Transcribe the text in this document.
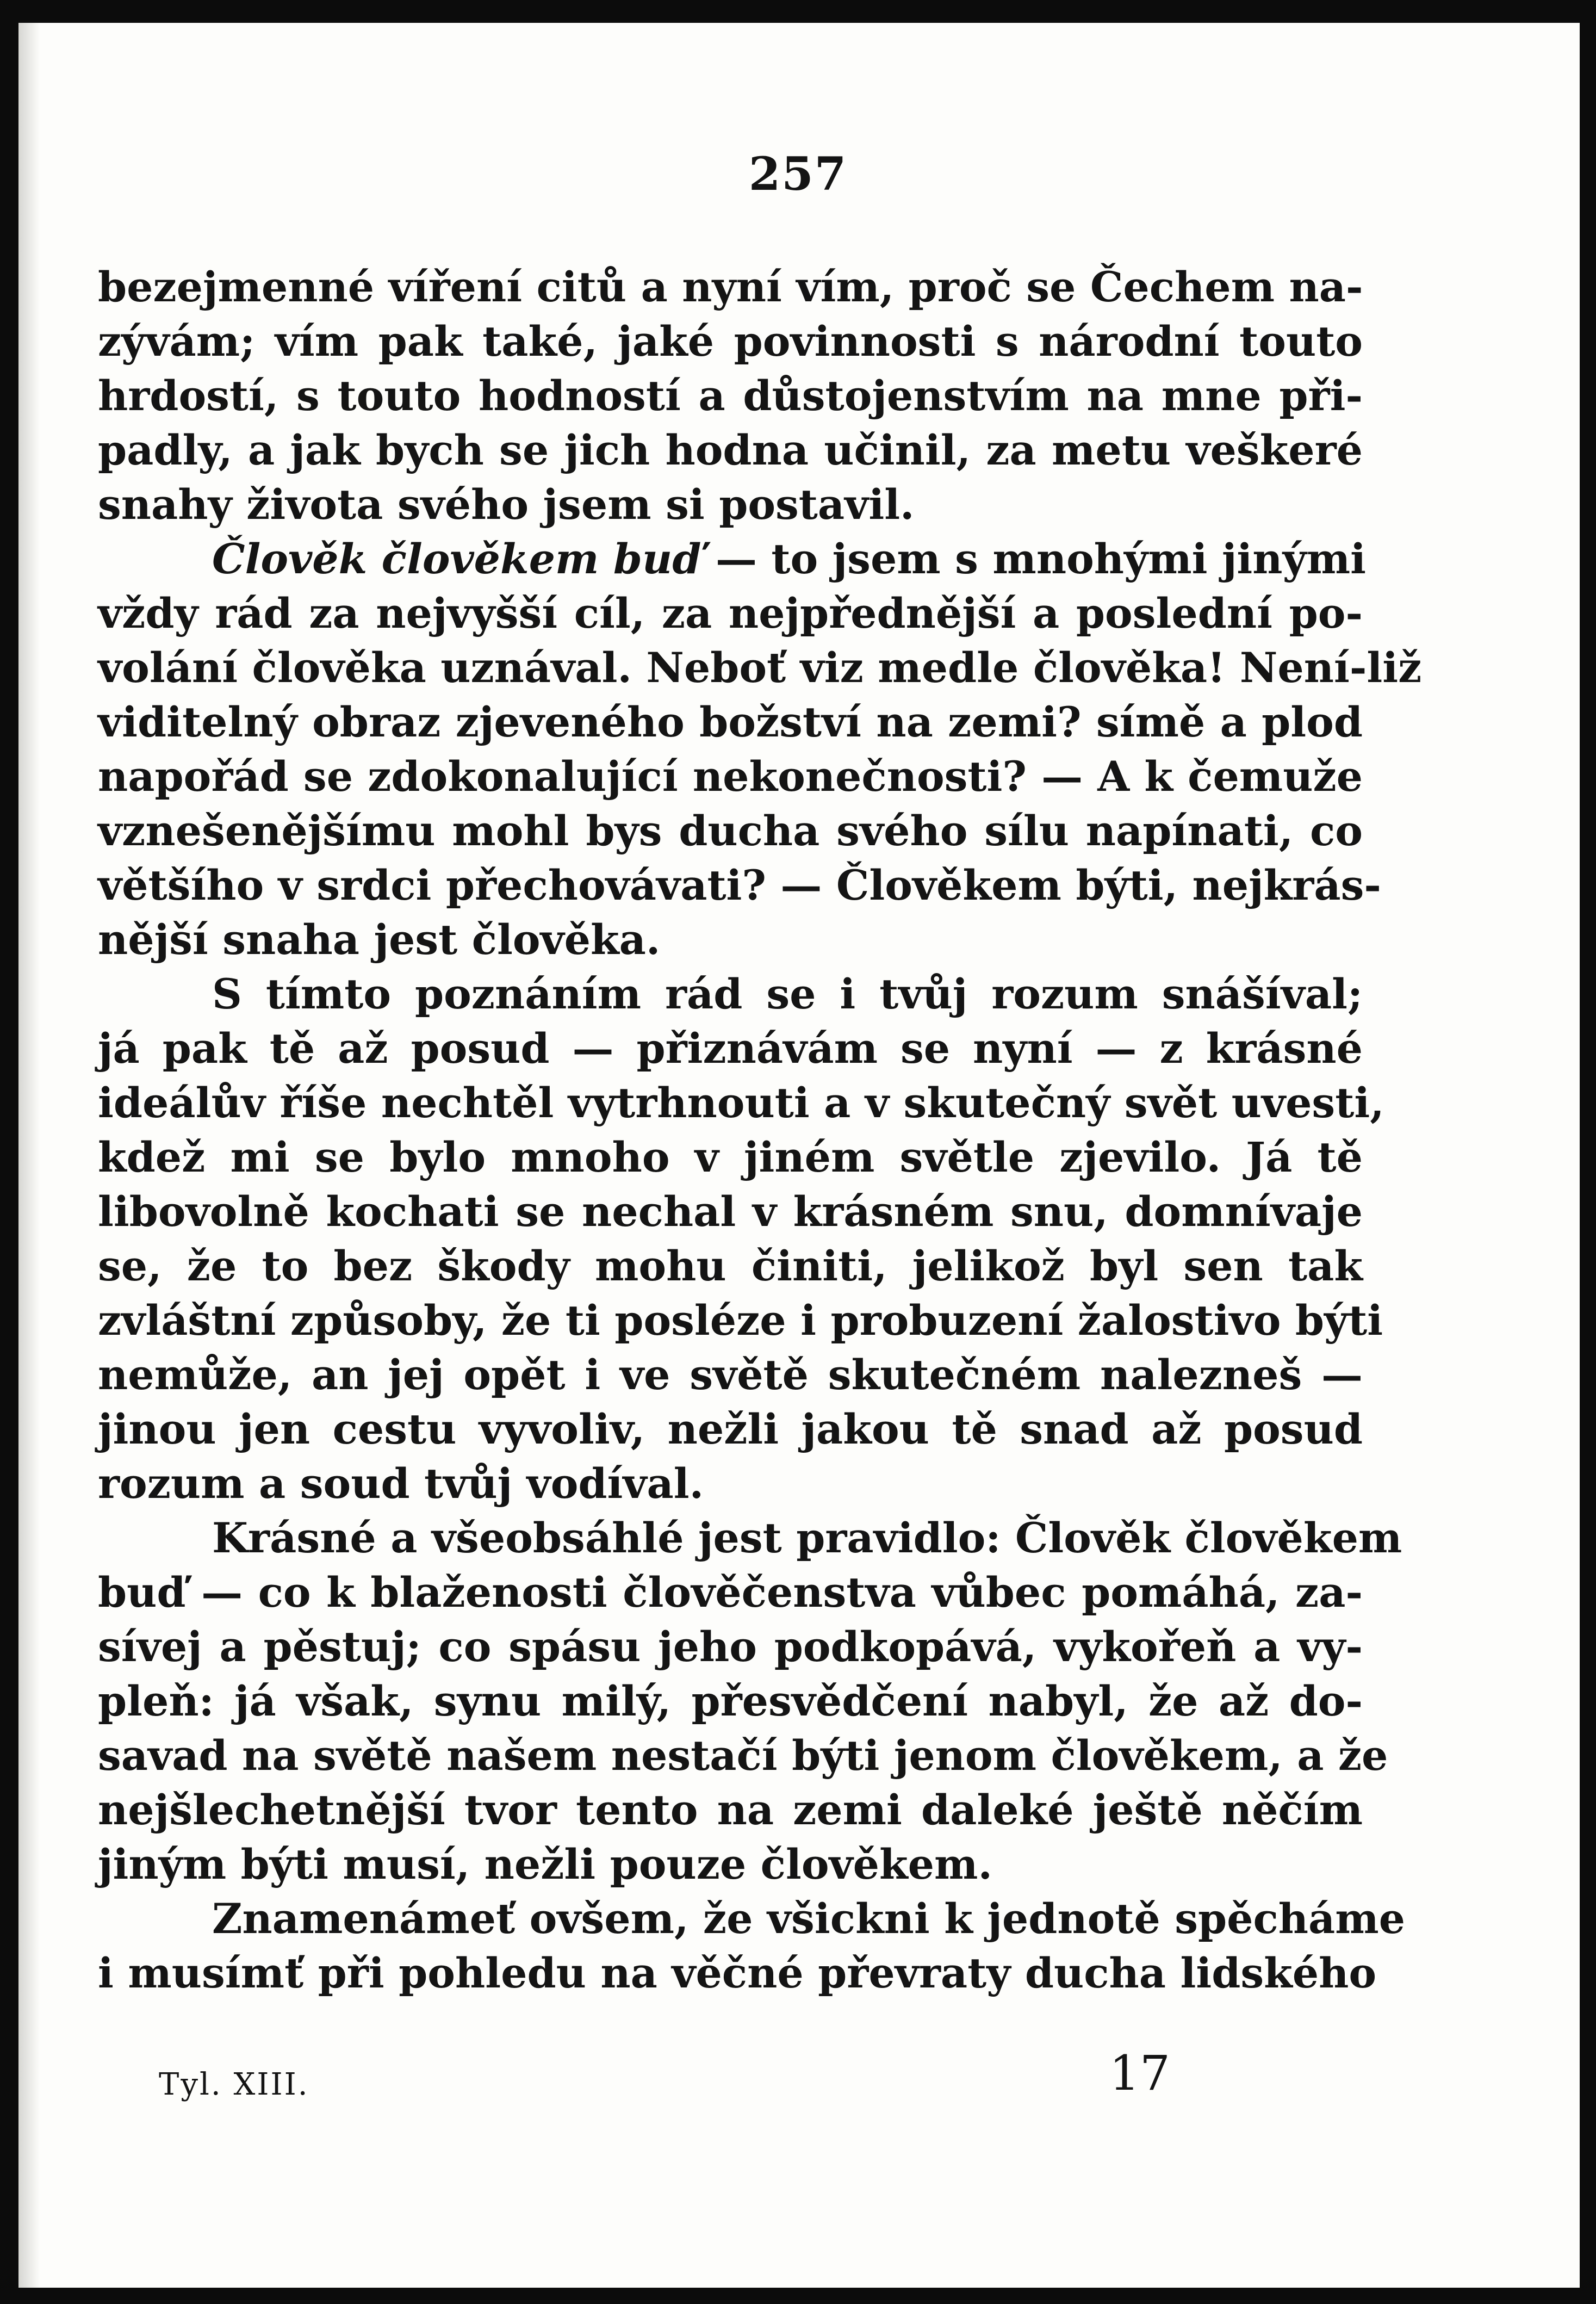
257
bezejmenné víření citů a nyní vím, proč se Čechem na-
zývám; vím pak také, jaké povinnosti s národní touto
hrdostí, s touto hodností a důstojenstvím na mne při-
padly, a jak bych se jich hodna učinil, za metu veškeré
snahy života svého jsem si postavil.
Člověk člověkem buď — to jsem s mnohými jinými
vždy rád za nejvyšší cíl, za nejpřednější a poslední po-
volání člověka uznával. Neboť viz medle člověka! Není-liž
viditelný obraz zjeveného božství na zemi? símě a plod
napořád se zdokonalující nekonečnosti? — A k čemuže
vznešenějšímu mohl bys ducha svého sílu napínati, co
většího v srdci přechovávati? — Člověkem býti, nejkrás-
nější snaha jest člověka.
S tímto poznáním rád se i tvůj rozum snášíval;
já pak tě až posud — přiznávám se nyní — z krásné
ideálův říše nechtěl vytrhnouti a v skutečný svět uvesti,
kdež mi se bylo mnoho v jiném světle zjevilo. Já tě
libovolně kochati se nechal v krásném snu, domnívaje
se, že to bez škody mohu činiti, jelikož byl sen tak
zvláštní způsoby, že ti posléze i probuzení žalostivo býti
nemůže, an jej opět i ve světě skutečném nalezneš —
jinou jen cestu vyvoliv, nežli jakou tě snad až posud
rozum a soud tvůj vodíval.
Krásné a všeobsáhlé jest pravidlo: Člověk člověkem
buď — co k blaženosti člověčenstva vůbec pomáhá, za-
sívej a pěstuj; co spásu jeho podkopává, vykořeň a vy-
pleň: já však, synu milý, přesvědčení nabyl, že až do-
savad na světě našem nestačí býti jenom člověkem, a že
nejšlechetnější tvor tento na zemi daleké ještě něčím
jiným býti musí, nežli pouze člověkem.
Znamenámeť ovšem, že všickni k jednotě spěcháme
i musímť při pohledu na věčné převraty ducha lidského
Tyl. XIII.	17
